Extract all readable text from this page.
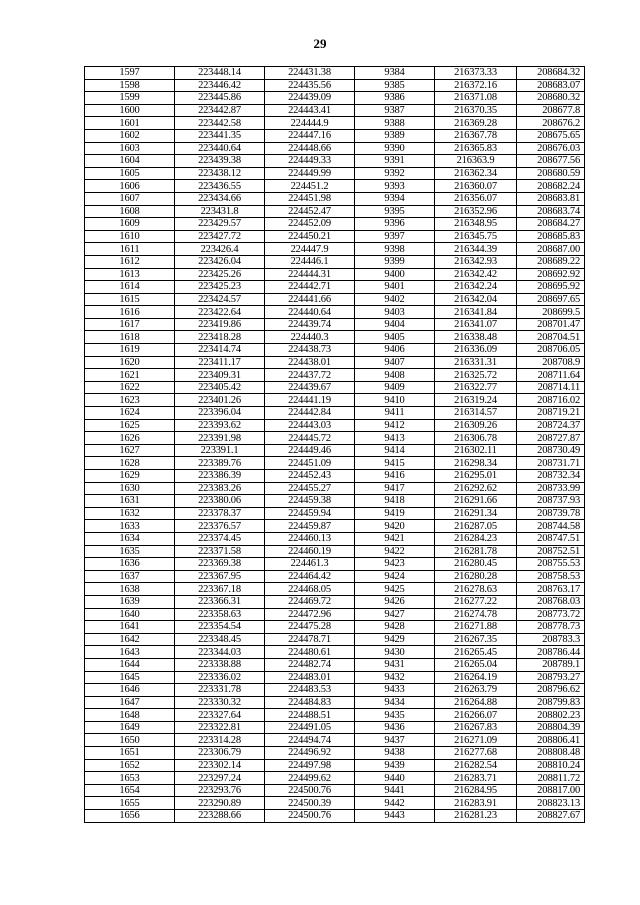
29
1597	223448.14	224431.38	9384	216373.33	208684.32
1598	223446.42	224435.56	9385	216372.16	208683.07
1599	223445.86	224439.09	9386	216371.08	208680.32
1600	223442.87	224443.41	9387	216370.35	208677.8
1601	223442.58	224444.9	9388	216369.28	208676.2
1602	223441.35	224447.16	9389	216367.78	208675.65
1603	223440.64	224448.66	9390	216365.83	208676.03
1604	223439.38	224449.33	9391	216363.9	208677.56
1605	223438.12	224449.99	9392	216362.34	208680.59
1606	223436.55	224451.2	9393	216360.07	208682.24
1607	223434.66	224451.98	9394	216356.07	208683.81
1608	223431.8	224452.47	9395	216352.96	208683.74
1609	223429.57	224452.09	9396	216348.95	208684.27
1610	223427.72	224450.21	9397	216345.75	208685.83
1611	223426.4	224447.9	9398	216344.39	208687.00
1612	223426.04	224446.1	9399	216342.93	208689.22
1613	223425.26	224444.31	9400	216342.42	208692.92
1614	223425.23	224442.71	9401	216342.24	208695.92
1615	223424.57	224441.66	9402	216342.04	208697.65
1616	223422.64	224440.64	9403	216341.84	208699.5
1617	223419.86	224439.74	9404	216341.07	208701.47
1618	223418.28	224440.3	9405	216338.48	208704.51
1619	223414.74	224438.73	9406	216336.09	208706.05
1620	223411.17	224438.01	9407	216331.31	208708.9
1621	223409.31	224437.72	9408	216325.72	208711.64
1622	223405.42	224439.67	9409	216322.77	208714.11
1623	223401.26	224441.19	9410	216319.24	208716.02
1624	223396.04	224442.84	9411	216314.57	208719.21
1625	223393.62	224443.03	9412	216309.26	208724.37
1626	223391.98	224445.72	9413	216306.78	208727.87
1627	223391.1	224449.46	9414	216302.11	208730.49
1628	223389.76	224451.09	9415	216298.34	208731.71
1629	223386.39	224452.43	9416	216295.01	208732.34
1630	223383.26	224455.27	9417	216292.62	208733.99
1631	223380.06	224459.38	9418	216291.66	208737.93
1632	223378.37	224459.94	9419	216291.34	208739.78
1633	223376.57	224459.87	9420	216287.05	208744.58
1634	223374.45	224460.13	9421	216284.23	208747.51
1635	223371.58	224460.19	9422	216281.78	208752.51
1636	223369.38	224461.3	9423	216280.45	208755.53
1637	223367.95	224464.42	9424	216280.28	208758.53
1638	223367.18	224468.05	9425	216278.63	208763.17
1639	223366.31	224469.72	9426	216277.22	208768.03
1640	223358.63	224472.96	9427	216274.78	208773.72
1641	223354.54	224475.28	9428	216271.88	208778.73
1642	223348.45	224478.71	9429	216267.35	208783.3
1643	223344.03	224480.61	9430	216265.45	208786.44
1644	223338.88	224482.74	9431	216265.04	208789.1
1645	223336.02	224483.01	9432	216264.19	208793.27
1646	223331.78	224483.53	9433	216263.79	208796.62
1647	223330.32	224484.83	9434	216264.88	208799.83
1648	223327.64	224488.51	9435	216266.07	208802.23
1649	223322.81	224491.05	9436	216267.83	208804.39
1650	223314.28	224494.74	9437	216271.09	208806.41
1651	223306.79	224496.92	9438	216277.68	208808.48
1652	223302.14	224497.98	9439	216282.54	208810.24
1653	223297.24	224499.62	9440	216283.71	208811.72
1654	223293.76	224500.76	9441	216284.95	208817.00
1655	223290.89	224500.39	9442	216283.91	208823.13
1656	223288.66	224500.76	9443	216281.23	208827.67
